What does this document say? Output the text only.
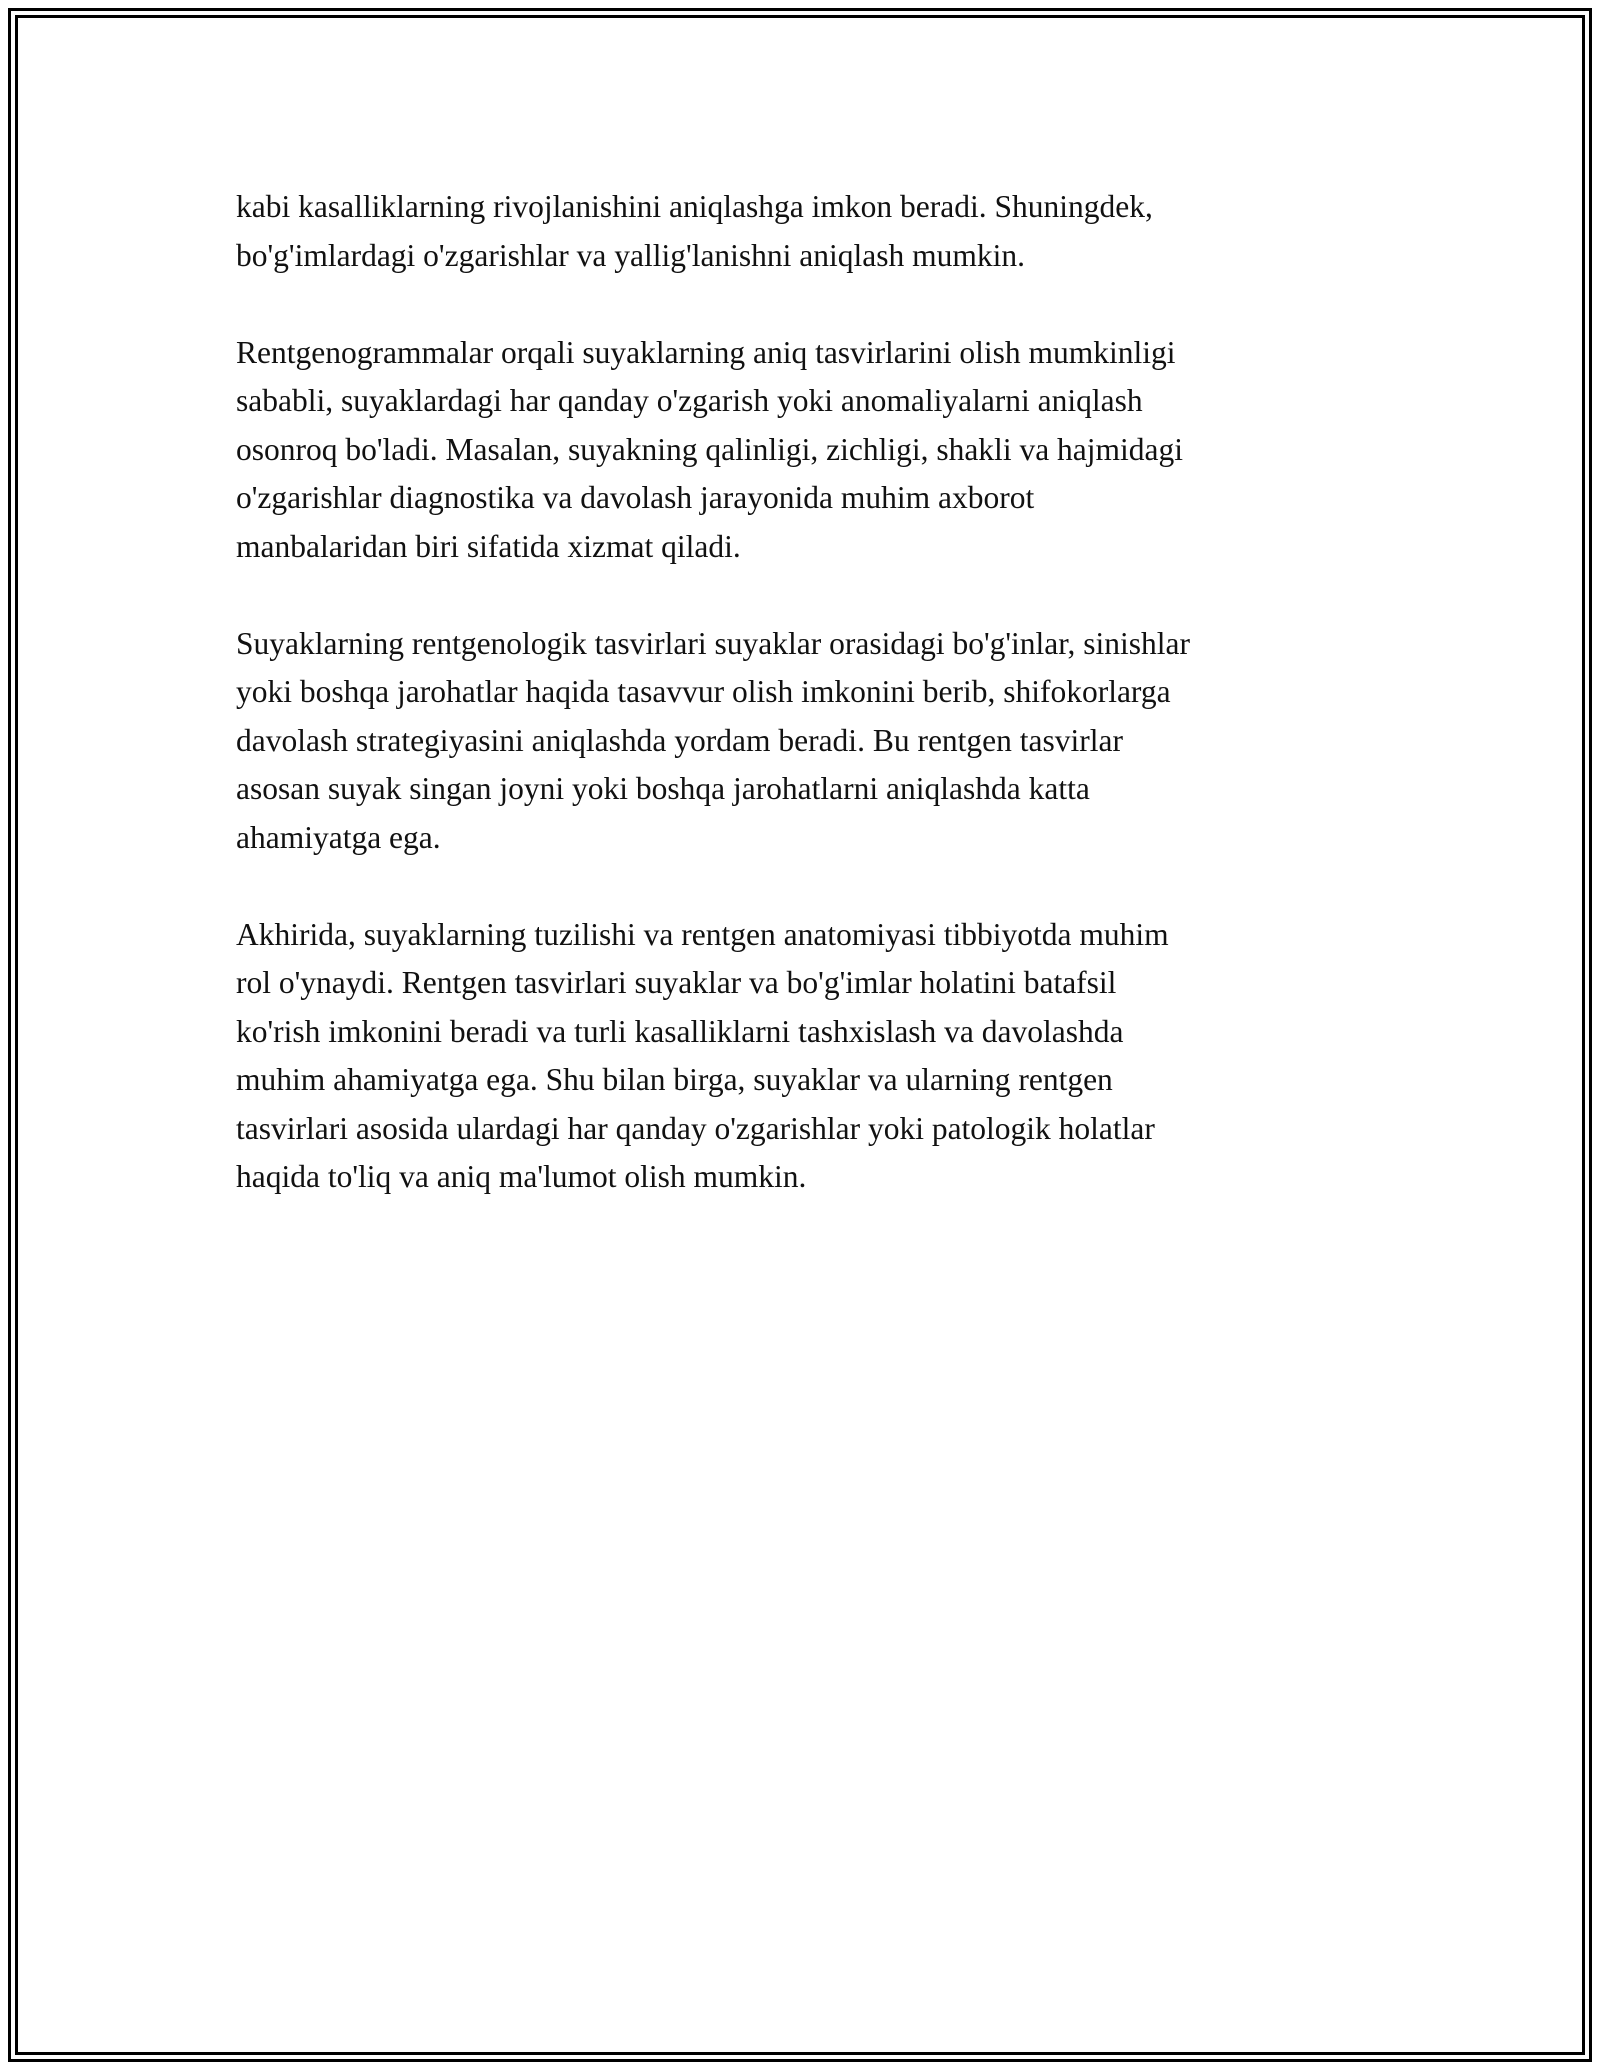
kabi kasalliklarning rivojlanishini aniqlashga imkon beradi. Shuningdek,
bo'g'imlardagi o'zgarishlar va yallig'lanishni aniqlash mumkin.

Rentgenogrammalar orqali suyaklarning aniq tasvirlarini olish mumkinligi
sababli, suyaklardagi har qanday o'zgarish yoki anomaliyalarni aniqlash
osonroq bo'ladi. Masalan, suyakning qalinligi, zichligi, shakli va hajmidagi
o'zgarishlar diagnostika va davolash jarayonida muhim axborot
manbalaridan biri sifatida xizmat qiladi.

Suyaklarning rentgenologik tasvirlari suyaklar orasidagi bo'g'inlar, sinishlar
yoki boshqa jarohatlar haqida tasavvur olish imkonini berib, shifokorlarga
davolash strategiyasini aniqlashda yordam beradi. Bu rentgen tasvirlar
asosan suyak singan joyni yoki boshqa jarohatlarni aniqlashda katta
ahamiyatga ega.

Akhirida, suyaklarning tuzilishi va rentgen anatomiyasi tibbiyotda muhim
rol o'ynaydi. Rentgen tasvirlari suyaklar va bo'g'imlar holatini batafsil
ko'rish imkonini beradi va turli kasalliklarni tashxislash va davolashda
muhim ahamiyatga ega. Shu bilan birga, suyaklar va ularning rentgen
tasvirlari asosida ulardagi har qanday o'zgarishlar yoki patologik holatlar
haqida to'liq va aniq ma'lumot olish mumkin.
